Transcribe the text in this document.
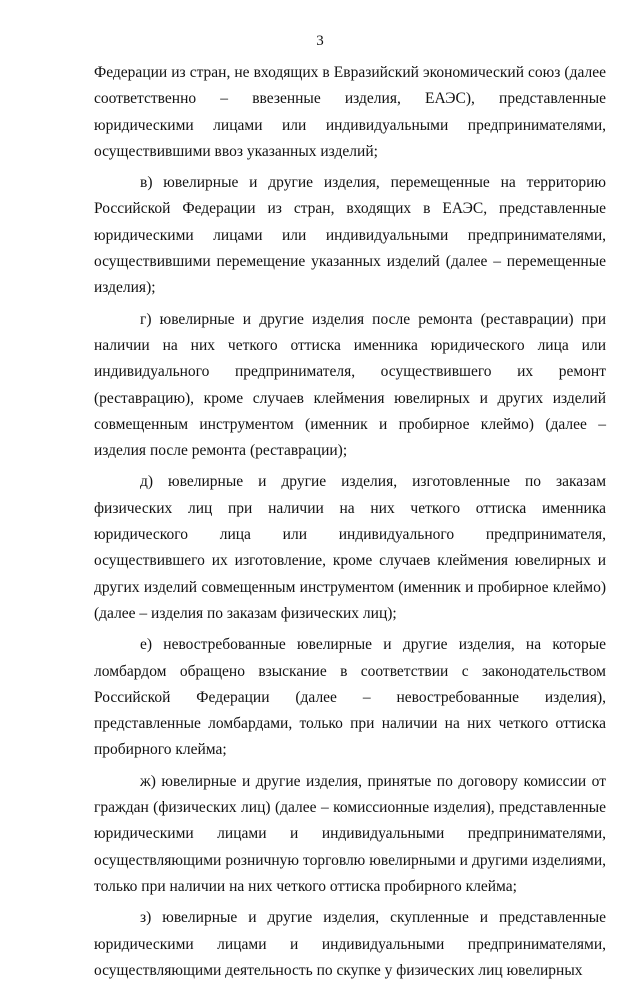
3

Федерации из стран, не входящих в Евразийский экономический союз (далее соответственно – ввезенные изделия, ЕАЭС), представленные юридическими лицами или индивидуальными предпринимателями, осуществившими ввоз указанных изделий;

в) ювелирные и другие изделия, перемещенные на территорию Российской Федерации из стран, входящих в ЕАЭС, представленные юридическими лицами или индивидуальными предпринимателями, осуществившими перемещение указанных изделий (далее – перемещенные изделия);

г) ювелирные и другие изделия после ремонта (реставрации) при наличии на них четкого оттиска именника юридического лица или индивидуального предпринимателя, осуществившего их ремонт (реставрацию), кроме случаев клеймения ювелирных и других изделий совмещенным инструментом (именник и пробирное клеймо) (далее – изделия после ремонта (реставрации);

д) ювелирные и другие изделия, изготовленные по заказам физических лиц при наличии на них четкого оттиска именника юридического лица или индивидуального предпринимателя, осуществившего их изготовление, кроме случаев клеймения ювелирных и других изделий совмещенным инструментом (именник и пробирное клеймо) (далее – изделия по заказам физических лиц);

е) невостребованные ювелирные и другие изделия, на которые ломбардом обращено взыскание в соответствии с законодательством Российской Федерации (далее – невостребованные изделия), представленные ломбардами, только при наличии на них четкого оттиска пробирного клейма;

ж) ювелирные и другие изделия, принятые по договору комиссии от граждан (физических лиц) (далее – комиссионные изделия), представленные юридическими лицами и индивидуальными предпринимателями, осуществляющими розничную торговлю ювелирными и другими изделиями, только при наличии на них четкого оттиска пробирного клейма;

з) ювелирные и другие изделия, скупленные и представленные юридическими лицами и индивидуальными предпринимателями, осуществляющими деятельность по скупке у физических лиц ювелирных
